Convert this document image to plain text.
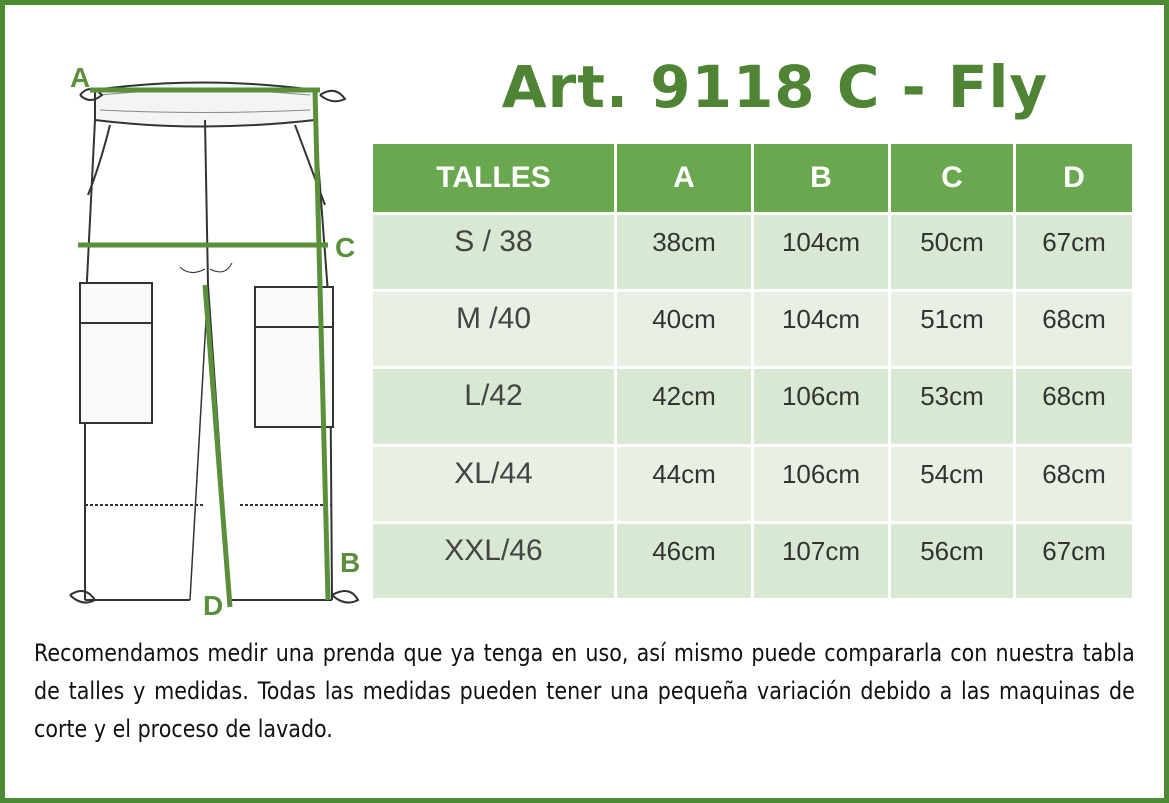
A
C
B
D
Art. 9118 C - Fly
TALLES	A	B	C	D
S / 38	38cm	104cm	50cm	67cm
M /40	40cm	104cm	51cm	68cm
L/42	42cm	106cm	53cm	68cm
XL/44	44cm	106cm	54cm	68cm
XXL/46	46cm	107cm	56cm	67cm
Recomendamos medir una prenda que ya tenga en uso, así mismo puede compararla con nuestra tabla de talles y medidas. Todas las medidas pueden tener una pequeña variación debido a las maquinas de corte y el proceso de lavado.
